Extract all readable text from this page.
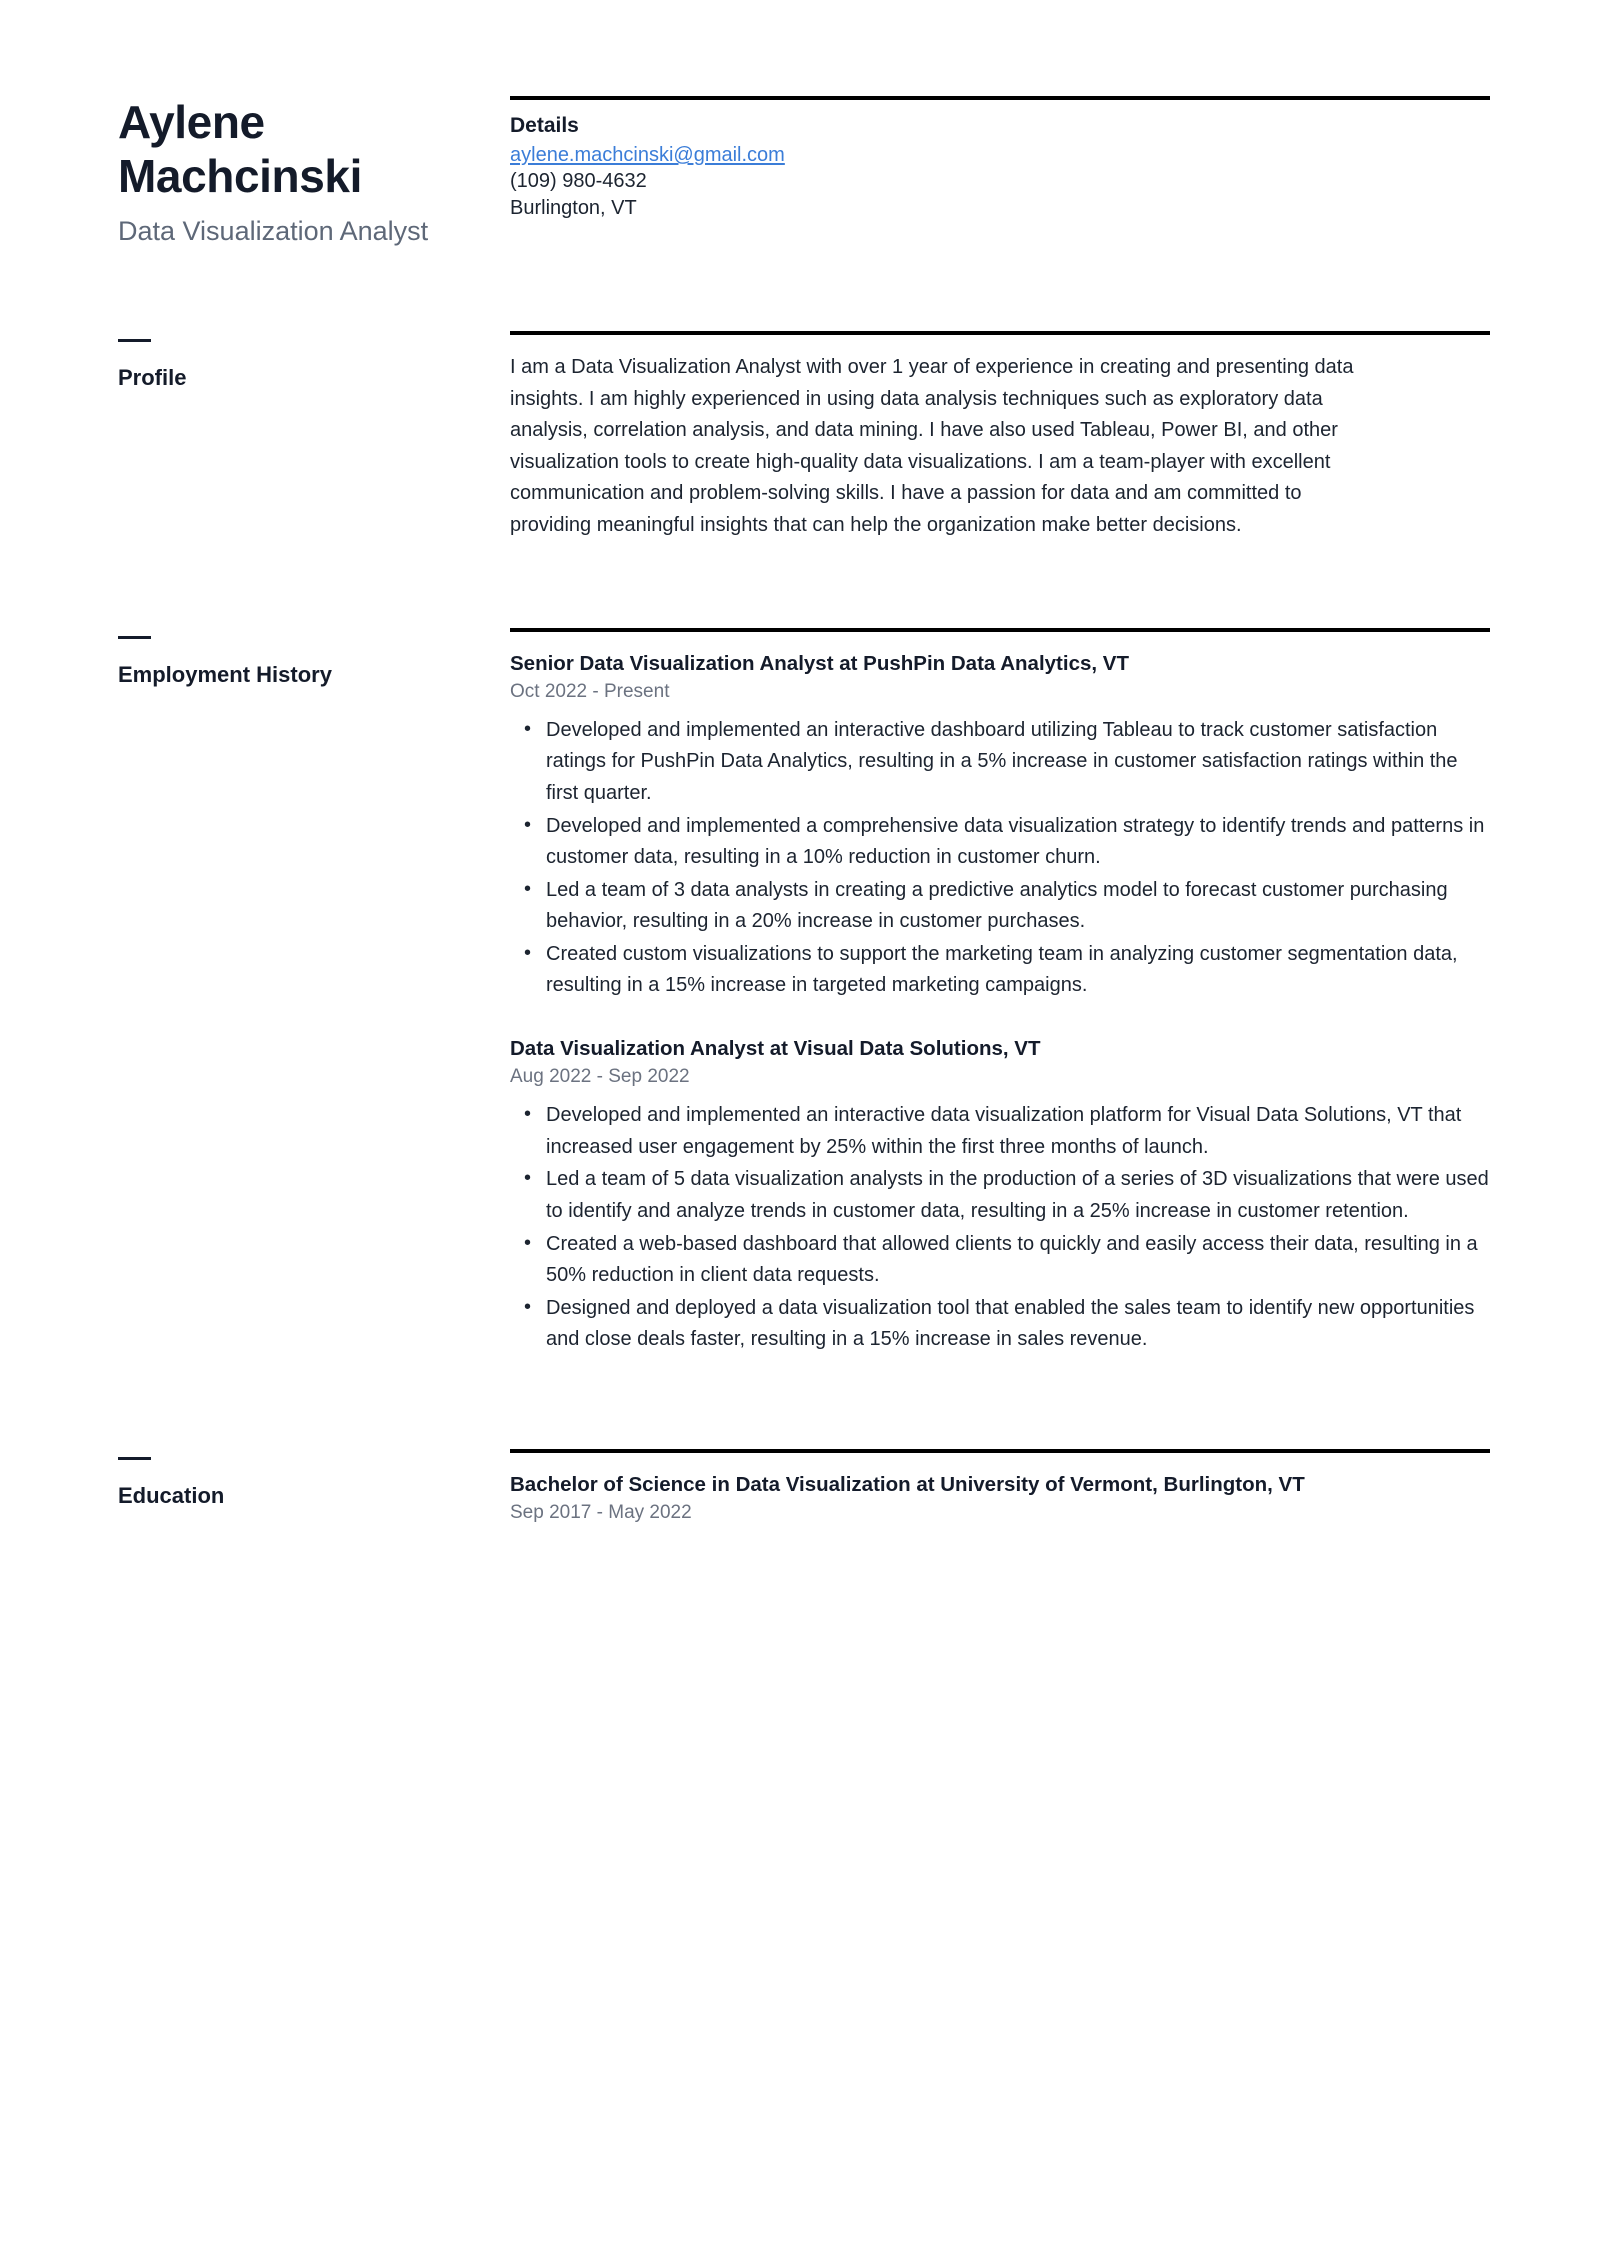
Aylene Machcinski
Data Visualization Analyst
Details
aylene.machcinski@gmail.com
(109) 980-4632
Burlington, VT
Profile	I am a Data Visualization Analyst with over 1 year of experience in creating and presenting data insights. I am highly experienced in using data analysis techniques such as exploratory data analysis, correlation analysis, and data mining. I have also used Tableau, Power BI, and other visualization tools to create high-quality data visualizations. I am a team-player with excellent communication and problem-solving skills. I have a passion for data and am committed to providing meaningful insights that can help the organization make better decisions.

Employment History	Senior Data Visualization Analyst at PushPin Data Analytics, VT
Oct 2022 - Present
• Developed and implemented an interactive dashboard utilizing Tableau to track customer satisfaction ratings for PushPin Data Analytics, resulting in a 5% increase in customer satisfaction ratings within the first quarter.
• Developed and implemented a comprehensive data visualization strategy to identify trends and patterns in customer data, resulting in a 10% reduction in customer churn.
• Led a team of 3 data analysts in creating a predictive analytics model to forecast customer purchasing behavior, resulting in a 20% increase in customer purchases.
• Created custom visualizations to support the marketing team in analyzing customer segmentation data, resulting in a 15% increase in targeted marketing campaigns.
Data Visualization Analyst at Visual Data Solutions, VT
Aug 2022 - Sep 2022
• Developed and implemented an interactive data visualization platform for Visual Data Solutions, VT that increased user engagement by 25% within the first three months of launch.
• Led a team of 5 data visualization analysts in the production of a series of 3D visualizations that were used to identify and analyze trends in customer data, resulting in a 25% increase in customer retention.
• Created a web-based dashboard that allowed clients to quickly and easily access their data, resulting in a 50% reduction in client data requests.
• Designed and deployed a data visualization tool that enabled the sales team to identify new opportunities and close deals faster, resulting in a 15% increase in sales revenue.
Education	Bachelor of Science in Data Visualization at University of Vermont, Burlington, VT
Sep 2017 - May 2022
